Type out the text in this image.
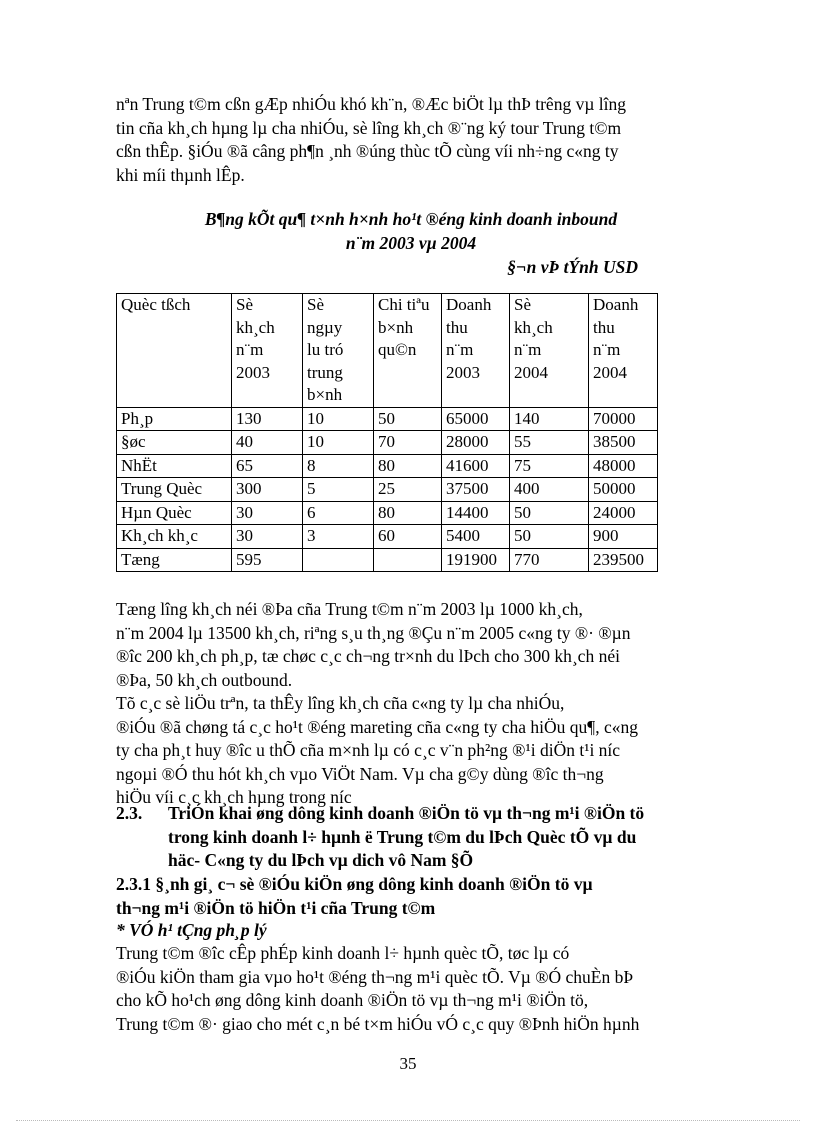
nªn Trung t©m cßn gÆp nhiÓu khó kh¨n, ®Æc biÖt lµ thÞ trêng vµ lîng
tin cña kh¸ch hµng lµ cha nhiÓu, sè lîng kh¸ch ®¨ng ký tour Trung t©m
cßn thÊp. §iÓu ®ã câng ph¶n ¸nh ®úng thùc tÕ cùng víi nh÷ng c«ng ty
khi míi thµnh lÊp.
B¶ng kÕt qu¶ t×nh h×nh ho¹t ®éng kinh doanh inbound
n¨m 2003 vµ 2004
§¬n vÞ tÝnh USD
Quèc tßch	Sè
kh¸ch
n¨m
2003	Sè
ngµy
lu tró
trung
b×nh	Chi tiªu
b×nh
qu©n	Doanh
thu
n¨m
2003	Sè
kh¸ch
n¨m
2004	Doanh
thu
n¨m
2004

Ph¸p	130	10	50	65000	140	70000
§øc	40	10	70	28000	55	38500
NhËt	65	8	80	41600	75	48000
Trung Quèc	300	5	25	37500	400	50000
Hµn Quèc	30	6	80	14400	50	24000
Kh¸ch kh¸c	30	3	60	5400	50	900
Tæng	595			191900	770	239500
Tæng lîng kh¸ch néi ®Þa cña Trung t©m n¨m 2003 lµ 1000 kh¸ch,
n¨m 2004 lµ 13500 kh¸ch, riªng s¸u th¸ng ®Çu n¨m 2005 c«ng ty ®· ®µn
®îc 200 kh¸ch ph¸p, tæ chøc c¸c ch¬ng tr×nh du lÞch cho 300 kh¸ch néi
®Þa, 50 kh¸ch outbound.
Tõ c¸c sè liÖu trªn, ta thÊy lîng kh¸ch cña c«ng ty lµ cha nhiÓu,
®iÓu ®ã chøng tá c¸c ho¹t ®éng mareting cña c«ng ty cha hiÖu qu¶, c«ng
ty cha ph¸t huy ®îc u thÕ cña m×nh lµ có c¸c v¨n ph²ng ®¹i diÖn t¹i níc
ngoµi ®Ó thu hót kh¸ch vµo ViÖt Nam. Vµ cha g©y dùng ®îc th¬ng
hiÖu víi c¸c kh¸ch hµng trong níc
2.3. TriÓn khai øng dông kinh doanh ®iÖn tö vµ th¬ng m¹i ®iÖn tö
trong kinh doanh l÷ hµnh ë Trung t©m du lÞch Quèc tÕ vµ du
häc- C«ng ty du lÞch vµ dich vô Nam §Õ
2.3.1 §¸nh gi¸ c¬ sè ®iÓu kiÖn øng dông kinh doanh ®iÖn tö vµ
th¬ng m¹i ®iÖn tö hiÖn t¹i cña Trung t©m
* VÓ h¹ tÇng ph¸p lý
Trung t©m ®îc cÊp phÉp kinh doanh l÷ hµnh quèc tÕ, tøc lµ có
®iÓu kiÖn tham gia vµo ho¹t ®éng th¬ng m¹i quèc tÕ. Vµ ®Ó chuÈn bÞ
cho kÕ ho¹ch øng dông kinh doanh ®iÖn tö vµ th¬ng m¹i ®iÖn tö,
Trung t©m ®· giao cho mét c¸n bé t×m hiÓu vÓ c¸c quy ®Þnh hiÖn hµnh
35
